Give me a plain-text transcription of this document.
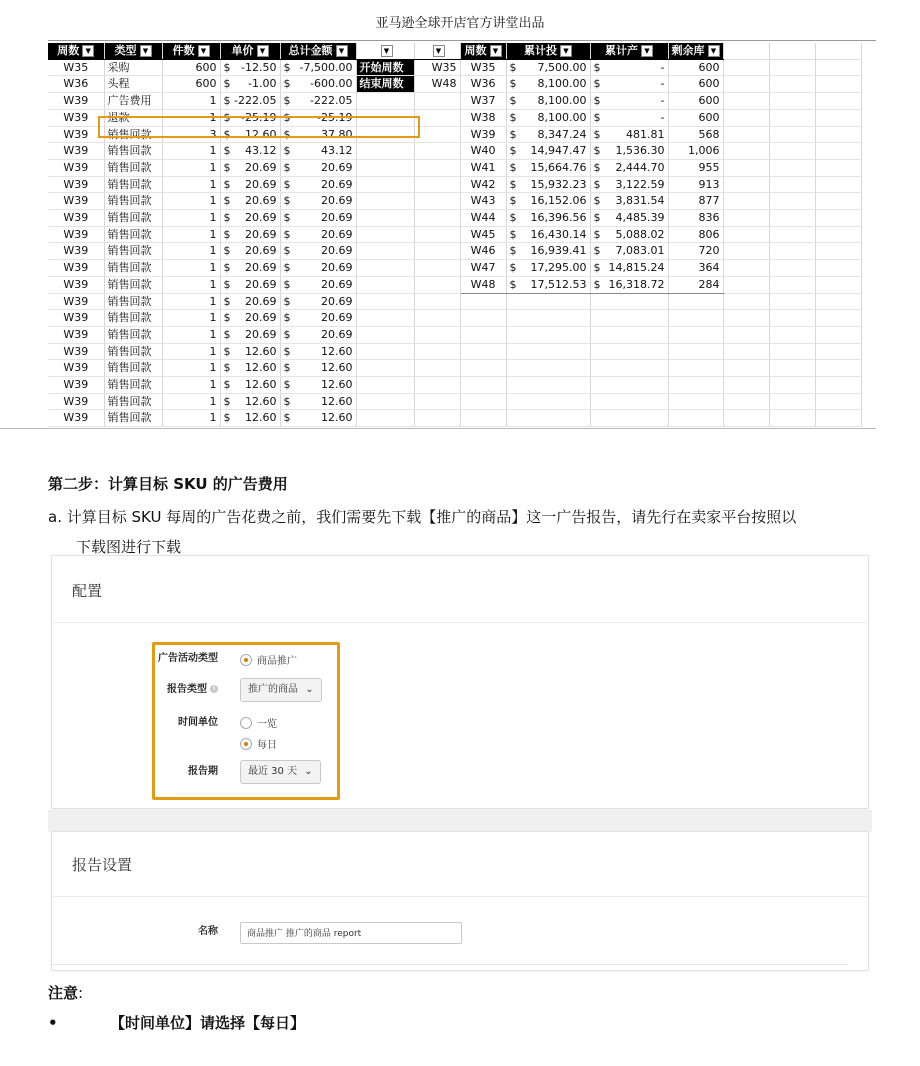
亚马逊全球开店官方讲堂出品
周数 ▼	类型 ▼	件数 ▼	单价 ▼	总计金额 ▼	▼	▼	周数 ▼	累计投 ▼	累计产 ▼	剩余库 ▼			
W35	采购	600	$ -12.50	$ -7,500.00	开始周数	W35	W35	$ 7,500.00	$ -	600			
W36	头程	600	$ -1.00	$ -600.00	结束周数	W48	W36	$ 8,100.00	$ -	600			
W39	广告费用	1	$ -222.05	$ -222.05			W37	$ 8,100.00	$ -	600			
W39	退款	1	$ -25.19	$ -25.19			W38	$ 8,100.00	$ -	600			
W39	销售回款	3	$ 12.60	$ 37.80			W39	$ 8,347.24	$ 481.81	568			
W39	销售回款	1	$ 43.12	$ 43.12			W40	$ 14,947.47	$ 1,536.30	1,006			
W39	销售回款	1	$ 20.69	$ 20.69			W41	$ 15,664.76	$ 2,444.70	955			
W39	销售回款	1	$ 20.69	$ 20.69			W42	$ 15,932.23	$ 3,122.59	913			
W39	销售回款	1	$ 20.69	$ 20.69			W43	$ 16,152.06	$ 3,831.54	877			
W39	销售回款	1	$ 20.69	$ 20.69			W44	$ 16,396.56	$ 4,485.39	836			
W39	销售回款	1	$ 20.69	$ 20.69			W45	$ 16,430.14	$ 5,088.02	806			
W39	销售回款	1	$ 20.69	$ 20.69			W46	$ 16,939.41	$ 7,083.01	720			
W39	销售回款	1	$ 20.69	$ 20.69			W47	$ 17,295.00	$ 14,815.24	364			
W39	销售回款	1	$ 20.69	$ 20.69			W48	$ 17,512.53	$ 16,318.72	284			
W39	销售回款	1	$ 20.69	$ 20.69									

W39	销售回款	1	$ 20.69	$ 20.69									

W39	销售回款	1	$ 20.69	$ 20.69									

W39	销售回款	1	$ 12.60	$ 12.60									

W39	销售回款	1	$ 12.60	$ 12.60									

W39	销售回款	1	$ 12.60	$ 12.60									

W39	销售回款	1	$ 12.60	$ 12.60									

W39	销售回款	1	$ 12.60	$ 12.60									

第二步：计算目标 SKU 的广告费用
a. 计算目标 SKU 每周的广告花费之前，我们需要先下载【推广的商品】这一广告报告，请先行在卖家平台按照以
下载图进行下载
配置
广告活动类型	商品推广
报告类型 i	推广的商品 ⌄
时间单位	一览
每日
报告期	最近 30 天 ⌄
报告设置
名称	商品推广 推广的商品 report
注意:
•	【时间单位】请选择【每日】
